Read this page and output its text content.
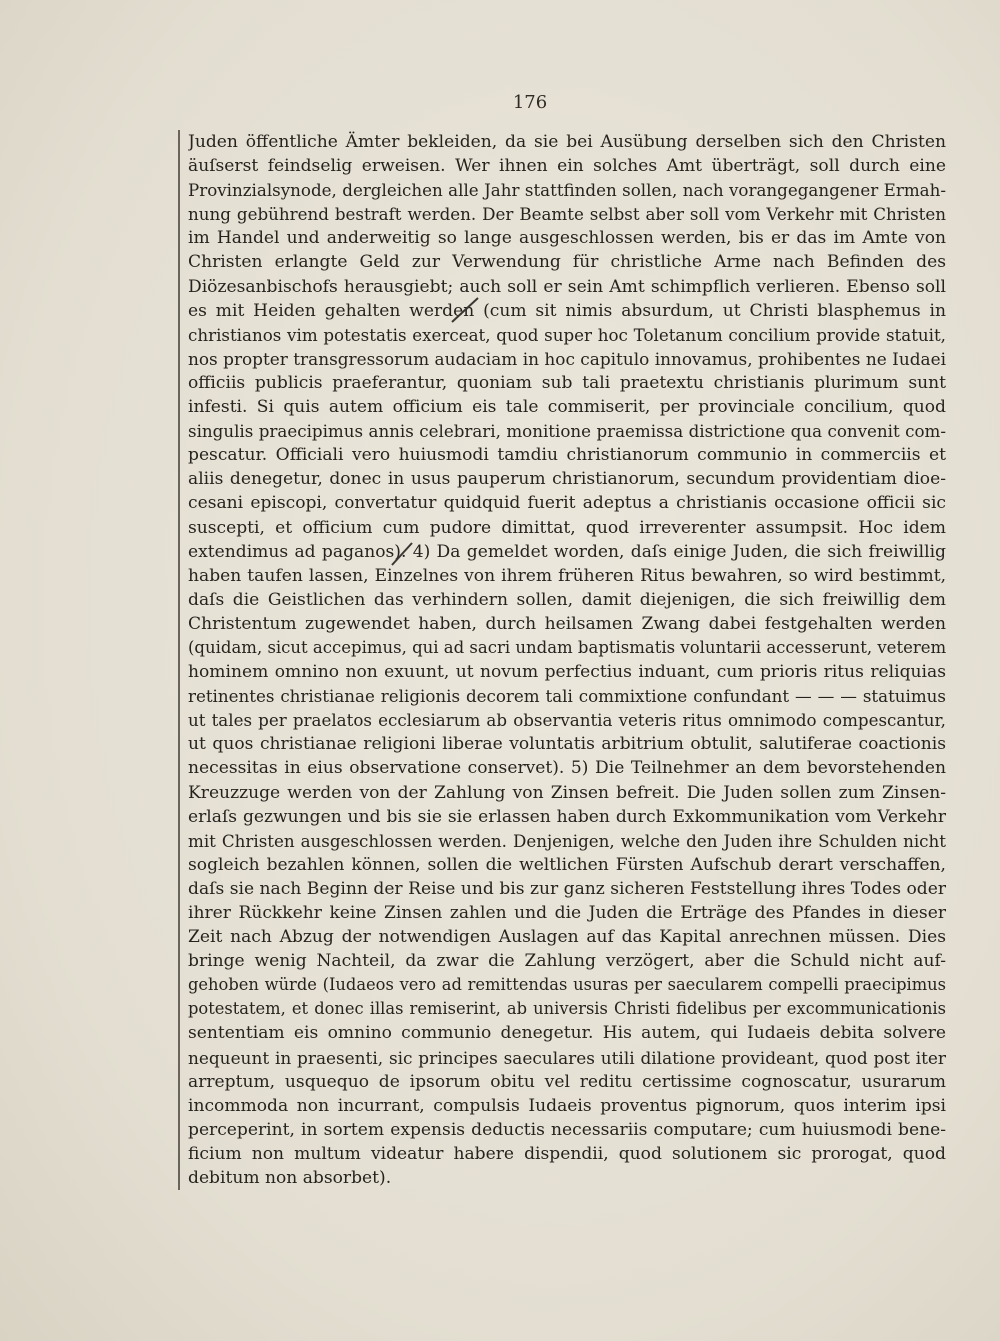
176
Juden öffentliche Ämter bekleiden, da sie bei Ausübung derselben sich den Christen
äuſserst feindselig erweisen. Wer ihnen ein solches Amt überträgt, soll durch eine
Provinzialsynode, dergleichen alle Jahr stattfinden sollen, nach vorangegangener Ermah-
nung gebührend bestraft werden. Der Beamte selbst aber soll vom Verkehr mit Christen
im Handel und anderweitig so lange ausgeschlossen werden, bis er das im Amte von
Christen erlangte Geld zur Verwendung für christliche Arme nach Befinden des
Diözesanbischofs herausgiebt; auch soll er sein Amt schimpflich verlieren. Ebenso soll
es mit Heiden gehalten werden (cum sit nimis absurdum, ut Christi blasphemus in
christianos vim potestatis exerceat, quod super hoc Toletanum concilium provide statuit,
nos propter transgressorum audaciam in hoc capitulo innovamus, prohibentes ne Iudaei
officiis publicis praeferantur, quoniam sub tali praetextu christianis plurimum sunt
infesti. Si quis autem officium eis tale commiserit, per provinciale concilium, quod
singulis praecipimus annis celebrari, monitione praemissa districtione qua convenit com-
pescatur. Officiali vero huiusmodi tamdiu christianorum communio in commerciis et
aliis denegetur, donec in usus pauperum christianorum, secundum providentiam dioe-
cesani episcopi, convertatur quidquid fuerit adeptus a christianis occasione officii sic
suscepti, et officium cum pudore dimittat, quod irreverenter assumpsit. Hoc idem
extendimus ad paganos). 4) Da gemeldet worden, daſs einige Juden, die sich freiwillig
haben taufen lassen, Einzelnes von ihrem früheren Ritus bewahren, so wird bestimmt,
daſs die Geistlichen das verhindern sollen, damit diejenigen, die sich freiwillig dem
Christentum zugewendet haben, durch heilsamen Zwang dabei festgehalten werden
(quidam, sicut accepimus, qui ad sacri undam baptismatis voluntarii accesserunt, veterem
hominem omnino non exuunt, ut novum perfectius induant, cum prioris ritus reliquias
retinentes christianae religionis decorem tali commixtione confundant — — — statuimus
ut tales per praelatos ecclesiarum ab observantia veteris ritus omnimodo compescantur,
ut quos christianae religioni liberae voluntatis arbitrium obtulit, salutiferae coactionis
necessitas in eius observatione conservet). 5) Die Teilnehmer an dem bevorstehenden
Kreuzzuge werden von der Zahlung von Zinsen befreit. Die Juden sollen zum Zinsen-
erlaſs gezwungen und bis sie sie erlassen haben durch Exkommunikation vom Verkehr
mit Christen ausgeschlossen werden. Denjenigen, welche den Juden ihre Schulden nicht
sogleich bezahlen können, sollen die weltlichen Fürsten Aufschub derart verschaffen,
daſs sie nach Beginn der Reise und bis zur ganz sicheren Feststellung ihres Todes oder
ihrer Rückkehr keine Zinsen zahlen und die Juden die Erträge des Pfandes in dieser
Zeit nach Abzug der notwendigen Auslagen auf das Kapital anrechnen müssen. Dies
bringe wenig Nachteil, da zwar die Zahlung verzögert, aber die Schuld nicht auf-
gehoben würde (Iudaeos vero ad remittendas usuras per saecularem compelli praecipimus
potestatem, et donec illas remiserint, ab universis Christi fidelibus per excommunicationis
sententiam eis omnino communio denegetur. His autem, qui Iudaeis debita solvere
nequeunt in praesenti, sic principes saeculares utili dilatione provideant, quod post iter
arreptum, usquequo de ipsorum obitu vel reditu certissime cognoscatur, usurarum
incommoda non incurrant, compulsis Iudaeis proventus pignorum, quos interim ipsi
perceperint, in sortem expensis deductis necessariis computare; cum huiusmodi bene-
ficium non multum videatur habere dispendii, quod solutionem sic prorogat, quod
debitum non absorbet).
